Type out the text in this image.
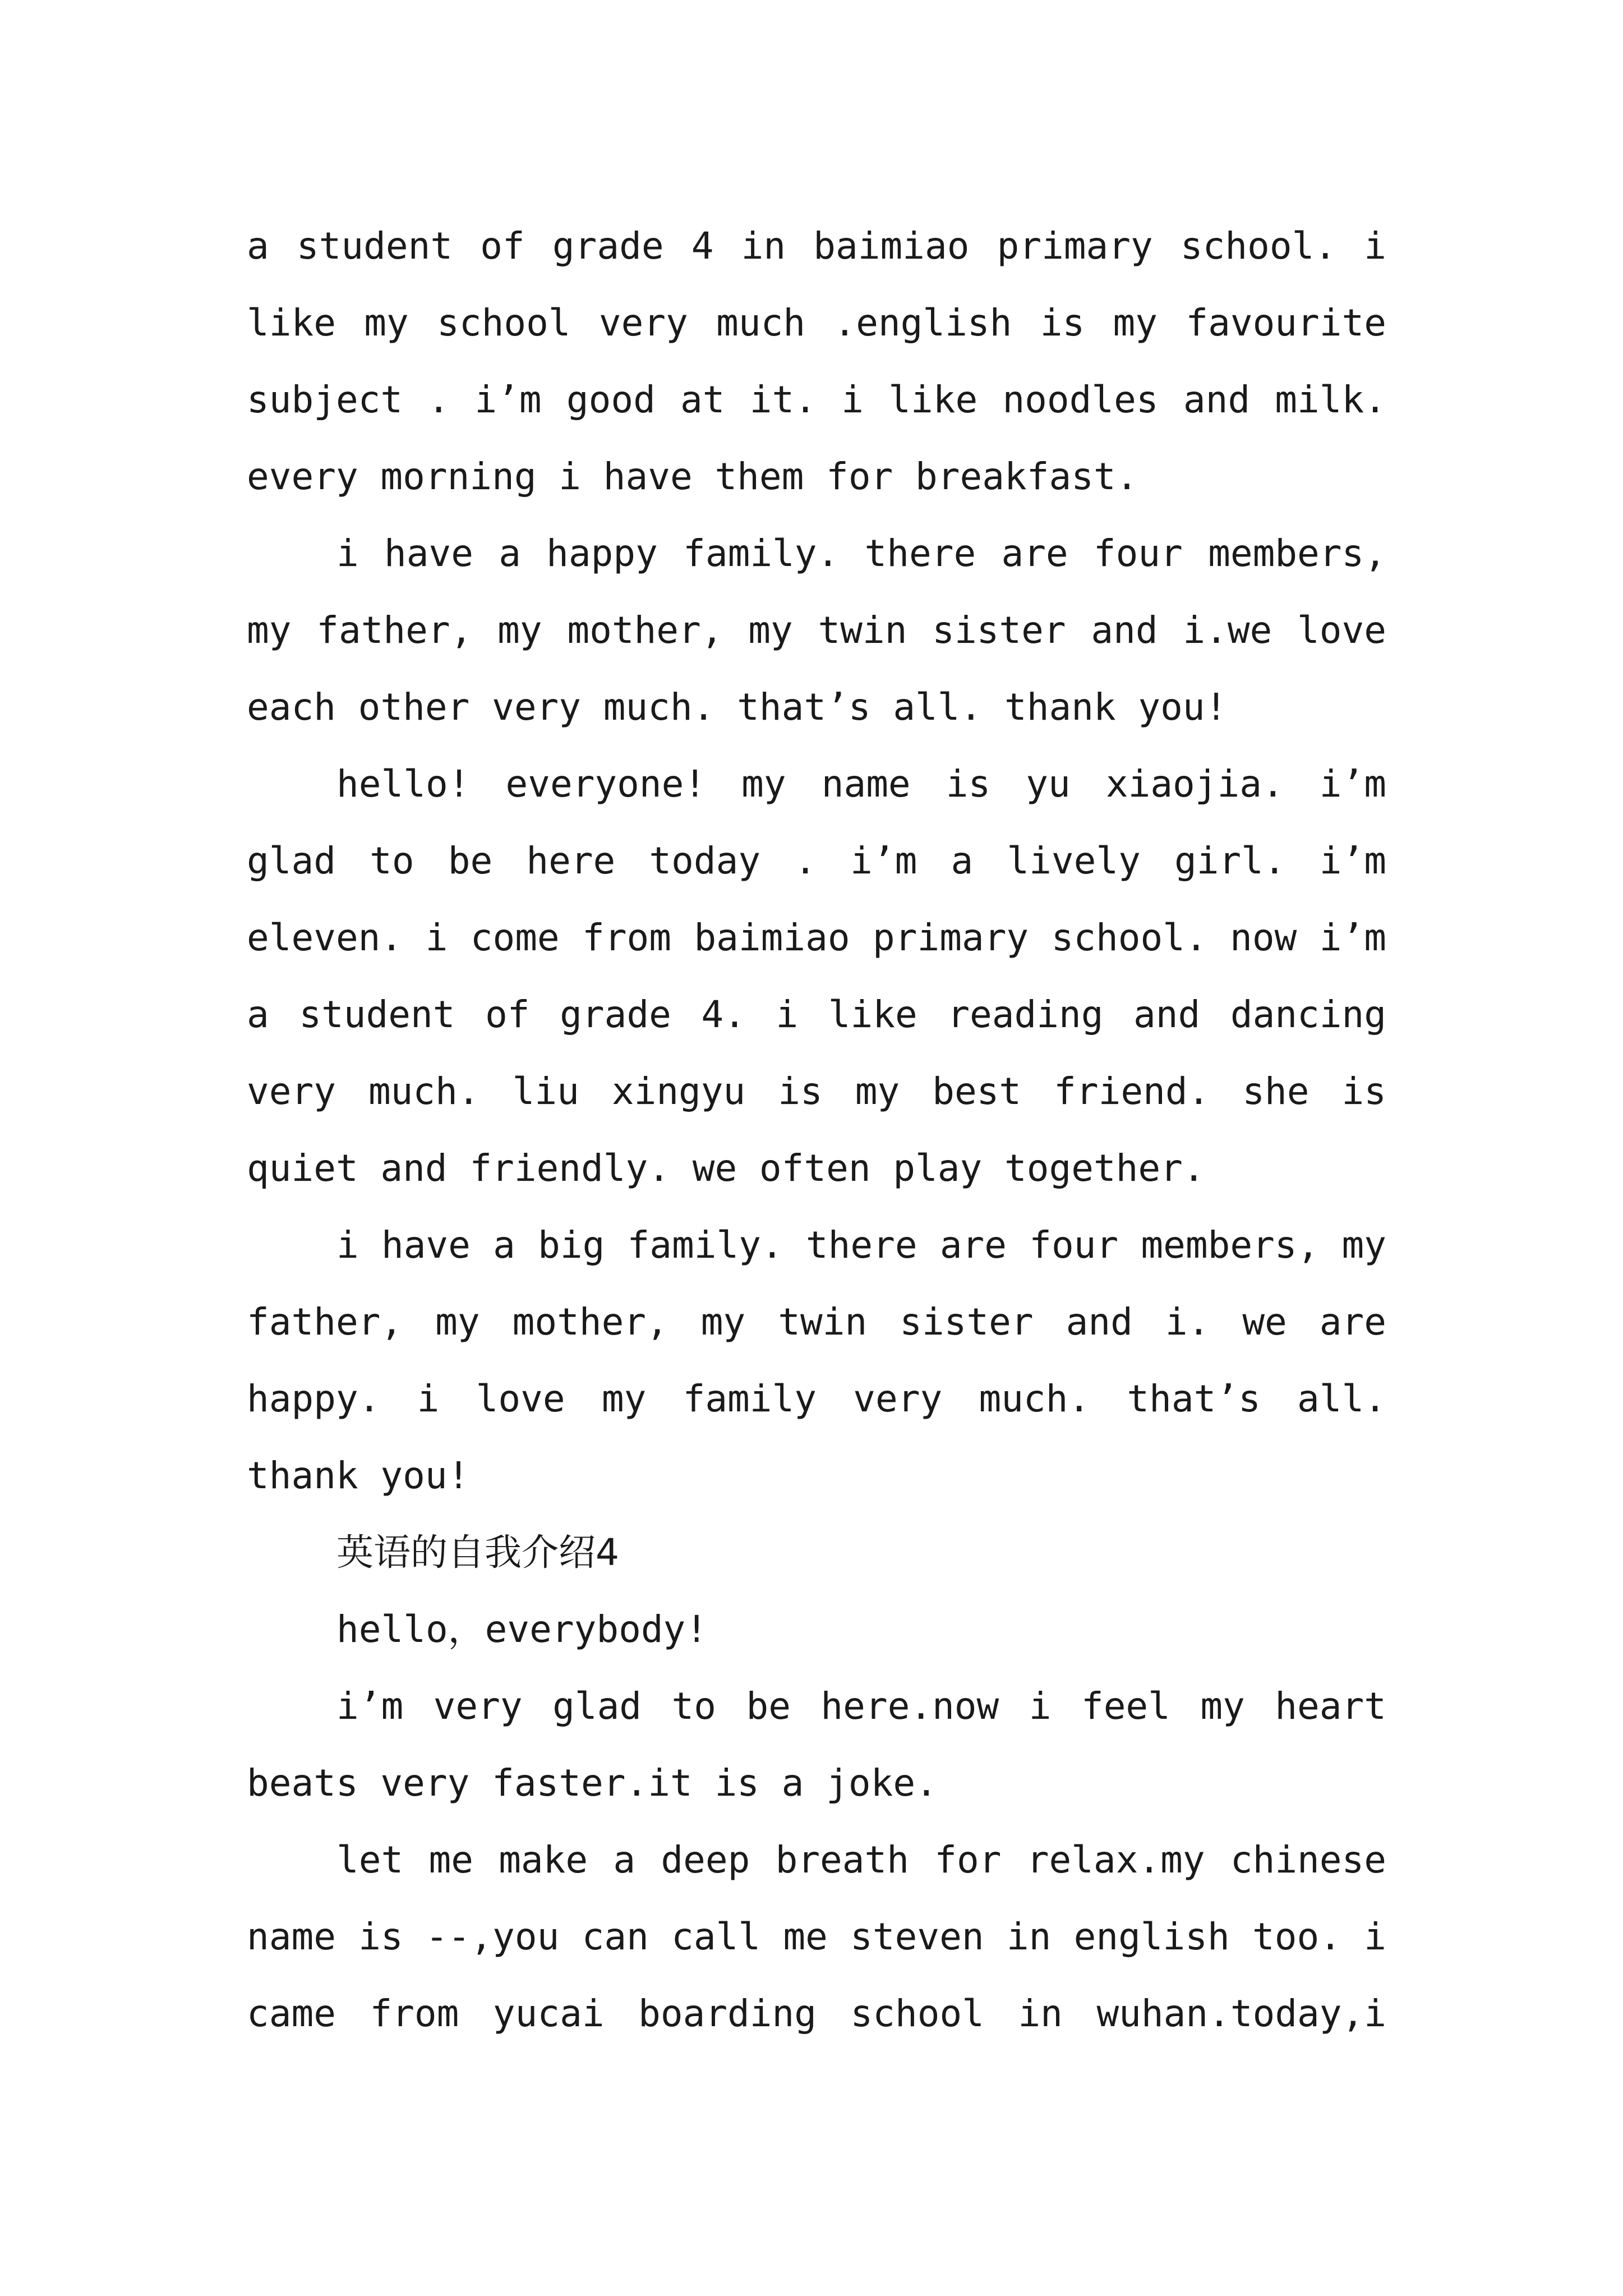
a student of grade 4 in baimiao primary school. i
like my school very much .english is my favourite
subject . i’m good at it. i like noodles and milk.
every morning i have them for breakfast.
i have a happy family. there are four members,
my father, my mother, my twin sister and i.we love
each other very much. that’s all. thank you!
hello! everyone! my name is yu xiaojia. i’m
glad to be here today . i’m a lively girl. i’m
eleven. i come from baimiao primary school. now i’m
a student of grade 4. i like reading and dancing
very much. liu xingyu is my best friend. she is
quiet and friendly. we often play together.
i have a big family. there are four members, my
father, my mother, my twin sister and i. we are
happy. i love my family very much. that’s all.
thank you!
英语的自我介绍4
hello，everybody!
i’m very glad to be here.now i feel my heart
beats very faster.it is a joke.
let me make a deep breath for relax.my chinese
name is --,you can call me steven in english too. i
came from yucai boarding school in wuhan.today,i
